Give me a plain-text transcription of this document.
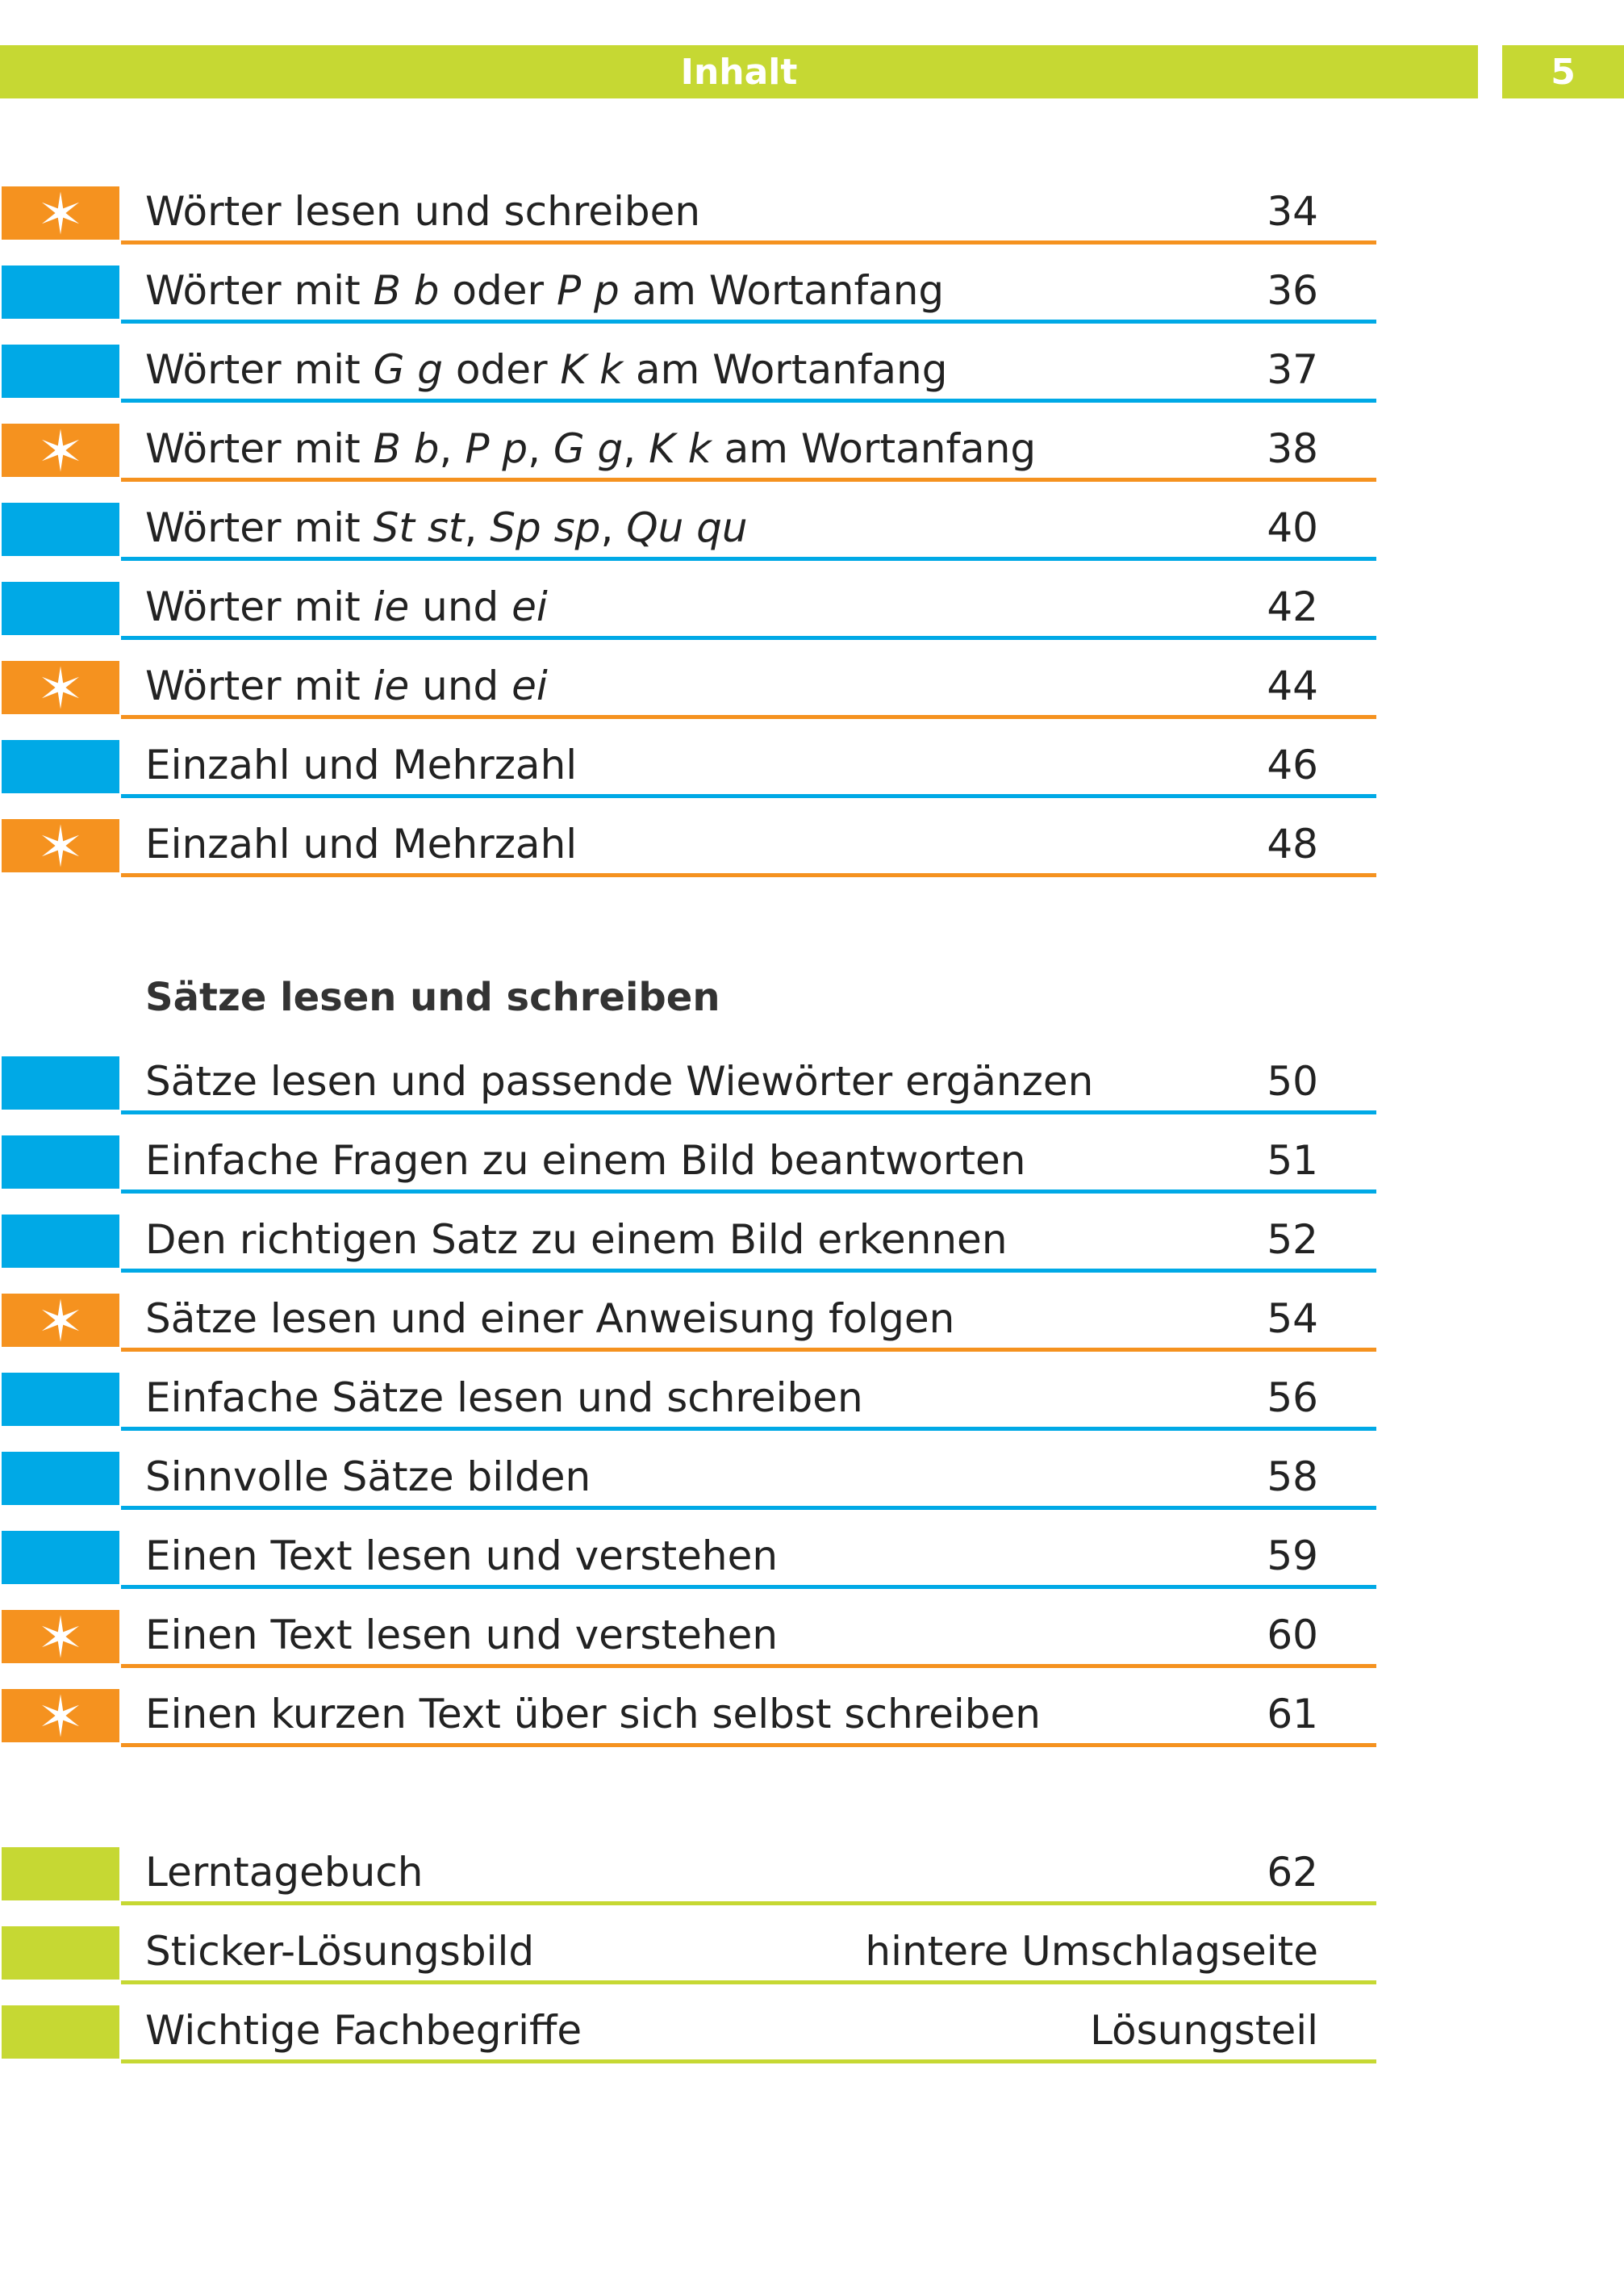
Inhalt	5
Wörter lesen und schreiben	34
Wörter mit B b oder P p am Wortanfang	36
Wörter mit G g oder K k am Wortanfang	37
Wörter mit B b, P p, G g, K k am Wortanfang	38
Wörter mit St st, Sp sp, Qu qu	40
Wörter mit ie und ei	42
Wörter mit ie und ei	44
Einzahl und Mehrzahl	46
Einzahl und Mehrzahl	48
Sätze lesen und schreiben
Sätze lesen und passende Wiewörter ergänzen	50
Einfache Fragen zu einem Bild beantworten	51
Den richtigen Satz zu einem Bild erkennen	52
Sätze lesen und einer Anweisung folgen	54
Einfache Sätze lesen und schreiben	56
Sinnvolle Sätze bilden	58
Einen Text lesen und verstehen	59
Einen Text lesen und verstehen	60
Einen kurzen Text über sich selbst schreiben	61
Lerntagebuch	62
Sticker-Lösungsbild	hintere Umschlagseite
Wichtige Fachbegriffe	Lösungsteil
